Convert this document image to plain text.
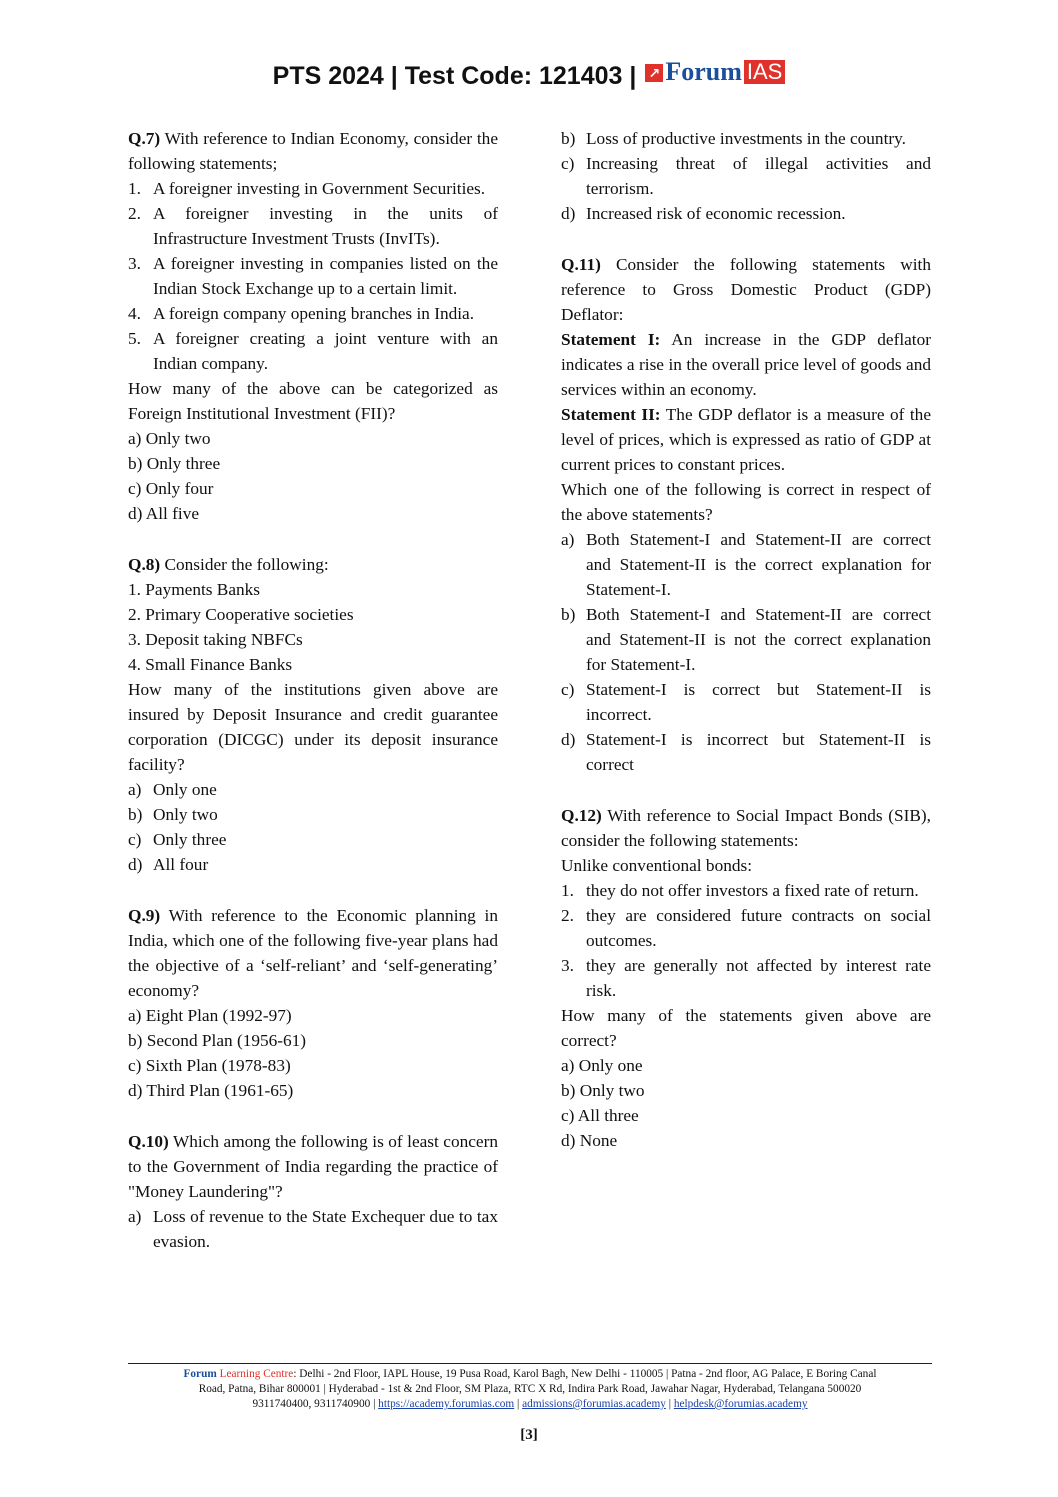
PTS 2024 | Test Code: 121403 | ↗ Forum IAS

Q.7) With reference to Indian Economy, consider the following statements;

1. A foreigner investing in Government Securities.
2. A foreigner investing in the units of Infrastructure Investment Trusts (InvITs).
3. A foreigner investing in companies listed on the Indian Stock Exchange up to a certain limit.
4. A foreign company opening branches in India.
5. A foreigner creating a joint venture with an Indian company.

How many of the above can be categorized as Foreign Institutional Investment (FII)?

a) Only two

b) Only three

c) Only four

d) All five

Q.8) Consider the following:

1. Payments Banks

2. Primary Cooperative societies

3. Deposit taking NBFCs

4. Small Finance Banks

How many of the institutions given above are insured by Deposit Insurance and credit guarantee corporation (DICGC) under its deposit insurance facility?

a) Only one
b) Only two
c) Only three
d) All four

Q.9) With reference to the Economic planning in India, which one of the following five-year plans had the objective of a ‘self-reliant’ and ‘self-generating’ economy?

a) Eight Plan (1992-97)

b) Second Plan (1956-61)

c) Sixth Plan (1978-83)

d) Third Plan (1961-65)

Q.10) Which among the following is of least concern to the Government of India regarding the practice of "Money Laundering"?

a) Loss of revenue to the State Exchequer due to tax evasion.
b) Loss of productive investments in the country.
c) Increasing threat of illegal activities and terrorism.
d) Increased risk of economic recession.

Q.11) Consider the following statements with reference to Gross Domestic Product (GDP) Deflator:

Statement I: An increase in the GDP deflator indicates a rise in the overall price level of goods and services within an economy.

Statement II: The GDP deflator is a measure of the level of prices, which is expressed as ratio of GDP at current prices to constant prices.

Which one of the following is correct in respect of the above statements?

a) Both Statement-I and Statement-II are correct and Statement-II is the correct explanation for Statement-I.
b) Both Statement-I and Statement-II are correct and Statement-II is not the correct explanation for Statement-I.
c) Statement-I is correct but Statement-II is incorrect.
d) Statement-I is incorrect but Statement-II is correct

Q.12) With reference to Social Impact Bonds (SIB), consider the following statements:

Unlike conventional bonds:

1. they do not offer investors a fixed rate of return.
2. they are considered future contracts on social outcomes.
3. they are generally not affected by interest rate risk.

How many of the statements given above are correct?

a) Only one

b) Only two

c) All three

d) None

Forum Learning Centre: Delhi - 2nd Floor, IAPL House, 19 Pusa Road, Karol Bagh, New Delhi - 110005 | Patna - 2nd floor, AG Palace, E Boring Canal
Road, Patna, Bihar 800001 | Hyderabad - 1st & 2nd Floor, SM Plaza, RTC X Rd, Indira Park Road, Jawahar Nagar, Hyderabad, Telangana 500020
9311740400, 9311740900 | https://academy.forumias.com | admissions@forumias.academy | helpdesk@forumias.academy
[3]
